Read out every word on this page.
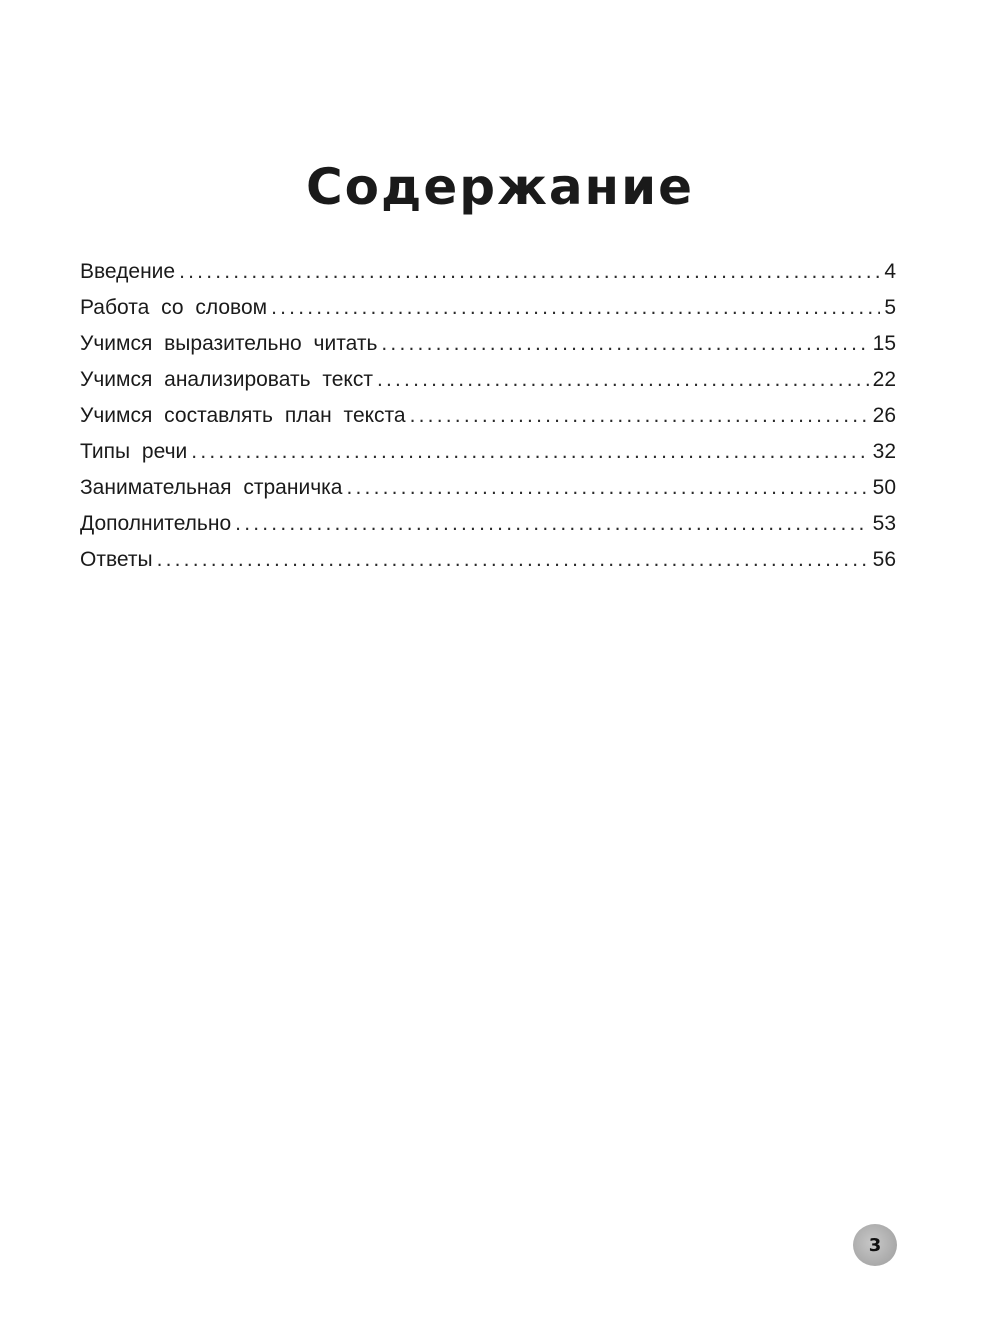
Содержание
Введение .....	4
Работа со словом .....	5
Учимся выразительно читать .....	15
Учимся анализировать текст .....	22
Учимся составлять план текста .....	26
Типы речи .....	32
Занимательная страничка .....	50
Дополнительно .....	53
Ответы .....	56
3
